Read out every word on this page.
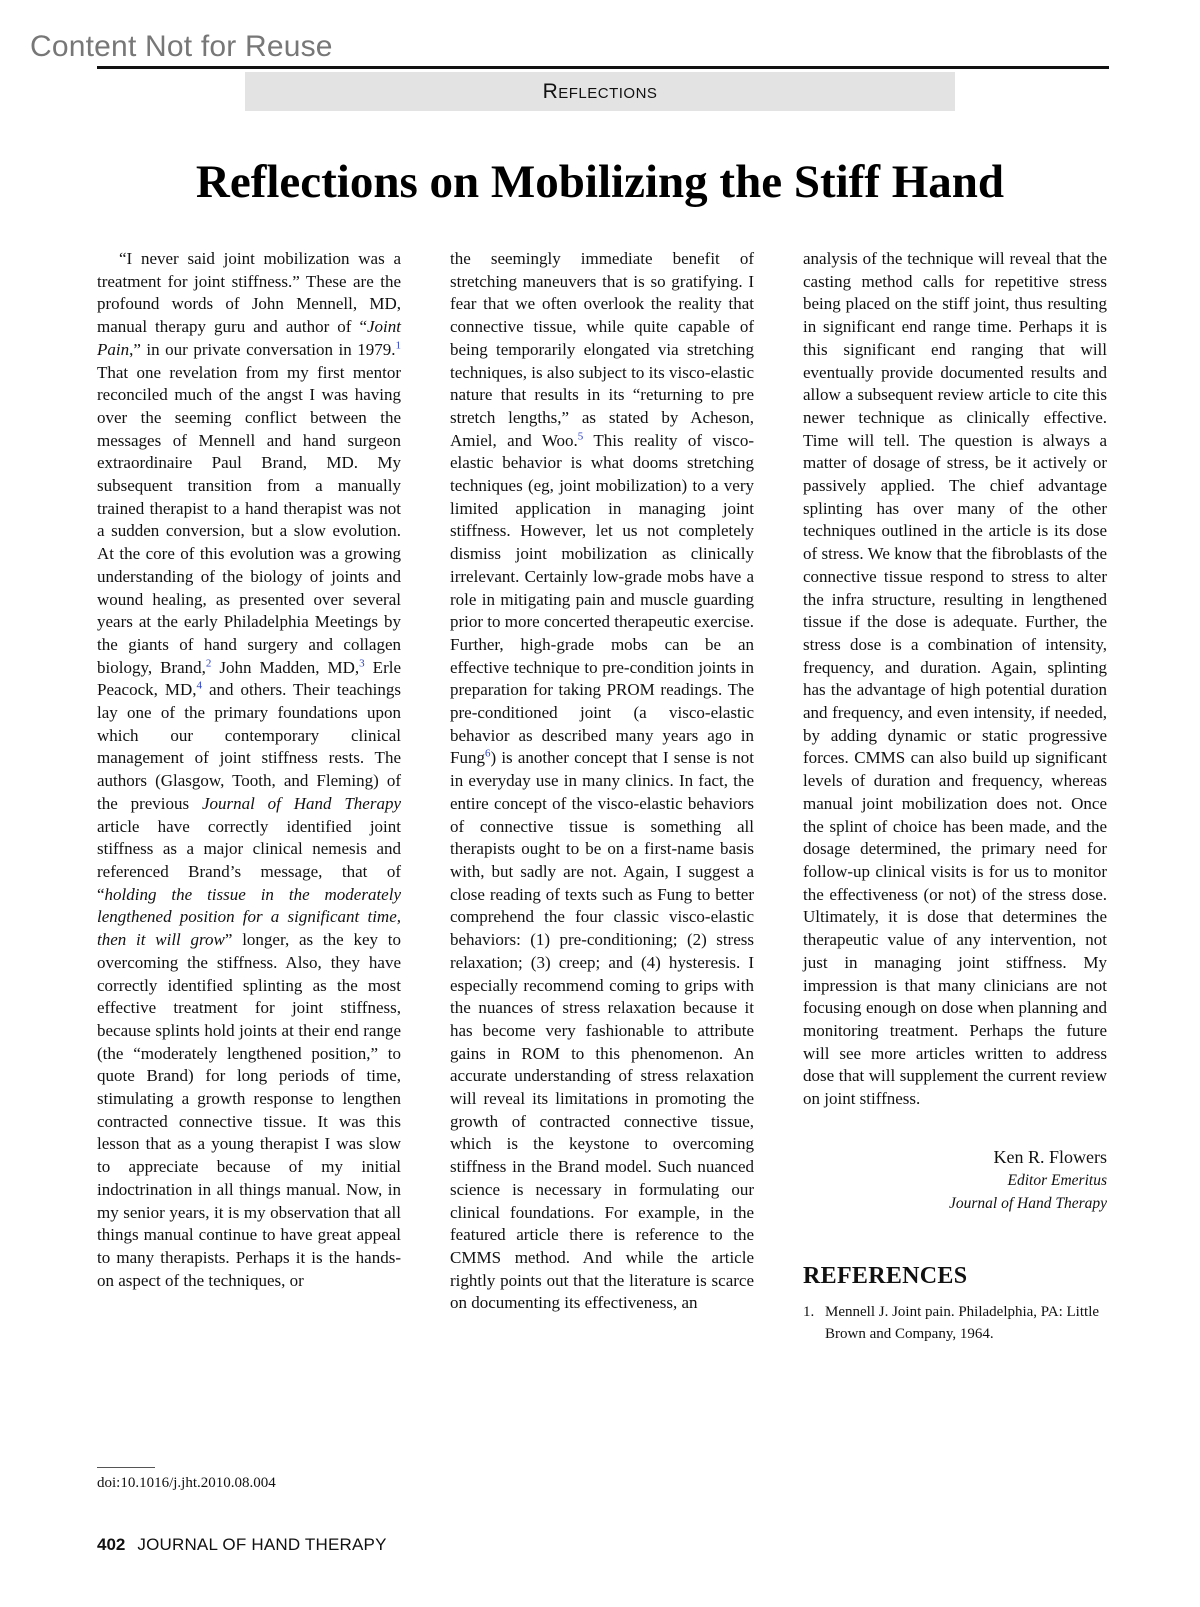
Content Not for Reuse
Reflections
Reflections on Mobilizing the Stiff Hand

“I never said joint mobilization was a treatment for joint stiffness.” These are the profound words of John Mennell, MD, manual therapy guru and author of “Joint Pain,” in our private conversation in 1979.$^1$ That one revelation from my first mentor reconciled much of the angst I was having over the seeming conflict between the messages of Mennell and hand surgeon extraordinaire Paul Brand, MD. My subsequent transition from a manually trained therapist to a hand therapist was not a sudden conversion, but a slow evolution. At the core of this evolution was a growing understanding of the biology of joints and wound healing, as presented over several years at the early Philadelphia Meetings by the giants of hand surgery and collagen biology, Brand,$^2$ John Madden, MD,$^3$ Erle Peacock, MD,$^4$ and others. Their teachings lay one of the primary foundations upon which our contemporary clinical management of joint stiffness rests. The authors (Glasgow, Tooth, and Fleming) of the previous Journal of Hand Therapy article have correctly identified joint stiffness as a major clinical nemesis and referenced Brand’s message, that of “holding the tissue in the moderately lengthened position for a significant time, then it will grow” longer, as the key to overcoming the stiffness. Also, they have correctly identified splinting as the most effective treatment for joint stiffness, because splints hold joints at their end range (the “moderately lengthened position,” to quote Brand) for long periods of time, stimulating a growth response to lengthen contracted connective tissue. It was this lesson that as a young therapist I was slow to appreciate because of my initial indoctrination in all things manual. Now, in my senior years, it is my observation that all things manual continue to have great appeal to many therapists. Perhaps it is the hands-on aspect of the techniques, or

the seemingly immediate benefit of stretching maneuvers that is so gratifying. I fear that we often overlook the reality that connective tissue, while quite capable of being temporarily elongated via stretching techniques, is also subject to its visco-elastic nature that results in its “returning to pre stretch lengths,” as stated by Acheson, Amiel, and Woo.$^5$ This reality of visco-elastic behavior is what dooms stretching techniques (eg, joint mobilization) to a very limited application in managing joint stiffness. However, let us not completely dismiss joint mobilization as clinically irrelevant. Certainly low-grade mobs have a role in mitigating pain and muscle guarding prior to more concerted therapeutic exercise. Further, high-grade mobs can be an effective technique to pre-condition joints in preparation for taking PROM readings. The pre-conditioned joint (a visco-elastic behavior as described many years ago in Fung$^6$) is another concept that I sense is not in everyday use in many clinics. In fact, the entire concept of the visco-elastic behaviors of connective tissue is something all therapists ought to be on a first-name basis with, but sadly are not. Again, I suggest a close reading of texts such as Fung to better comprehend the four classic visco-elastic behaviors: (1) pre-conditioning; (2) stress relaxation; (3) creep; and (4) hysteresis. I especially recommend coming to grips with the nuances of stress relaxation because it has become very fashionable to attribute gains in ROM to this phenomenon. An accurate understanding of stress relaxation will reveal its limitations in promoting the growth of contracted connective tissue, which is the keystone to overcoming stiffness in the Brand model. Such nuanced science is necessary in formulating our clinical foundations. For example, in the featured article there is reference to the CMMS method. And while the article rightly points out that the literature is scarce on documenting its effectiveness, an

analysis of the technique will reveal that the casting method calls for repetitive stress being placed on the stiff joint, thus resulting in significant end range time. Perhaps it is this significant end ranging that will eventually provide documented results and allow a subsequent review article to cite this newer technique as clinically effective. Time will tell. The question is always a matter of dosage of stress, be it actively or passively applied. The chief advantage splinting has over many of the other techniques outlined in the article is its dose of stress. We know that the fibroblasts of the connective tissue respond to stress to alter the infra structure, resulting in lengthened tissue if the dose is adequate. Further, the stress dose is a combination of intensity, frequency, and duration. Again, splinting has the advantage of high potential duration and frequency, and even intensity, if needed, by adding dynamic or static progressive forces. CMMS can also build up significant levels of duration and frequency, whereas manual joint mobilization does not. Once the splint of choice has been made, and the dosage determined, the primary need for follow-up clinical visits is for us to monitor the effectiveness (or not) of the stress dose. Ultimately, it is dose that determines the therapeutic value of any intervention, not just in managing joint stiffness. My impression is that many clinicians are not focusing enough on dose when planning and monitoring treatment. Perhaps the future will see more articles written to address dose that will supplement the current review on joint stiffness.

Ken R. Flowers
Editor Emeritus
Journal of Hand Therapy
REFERENCES
1. Mennell J. Joint pain. Philadelphia, PA: Little Brown and Company, 1964.
doi:10.1016/j.jht.2010.08.004
402 JOURNAL OF HAND THERAPY
